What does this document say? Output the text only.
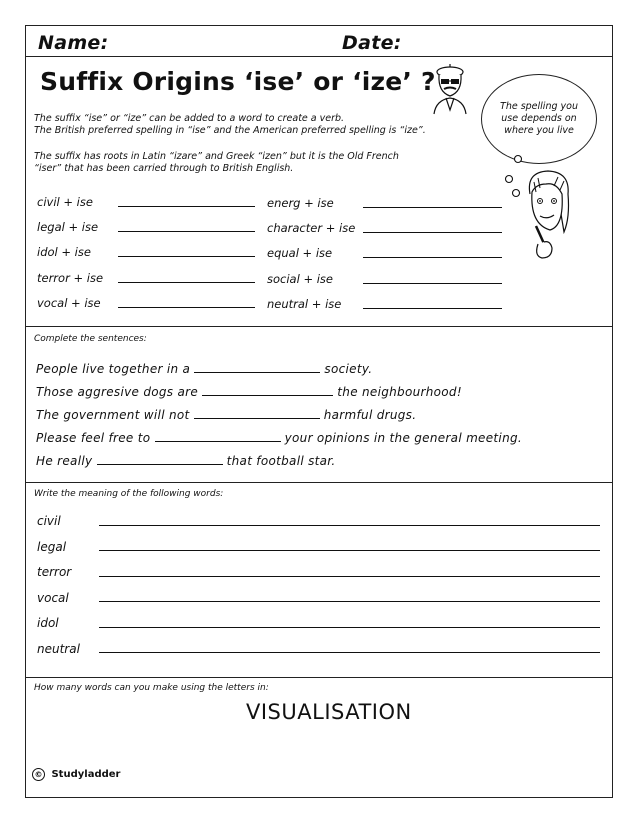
Name:	Date:
Suffix Origins ‘ise’ or ‘ize’ ?
The suffix “ise” or “ize” can be added to a word to create a verb.
The British preferred spelling in “ise” and the American preferred spelling is “ize”.
The suffix has roots in Latin “izare” and Greek “izen” but it is the Old French
“iser” that has been carried through to British English.
The spelling you
use depends on
where you live
civil + ise
legal + ise
idol + ise
terror + ise
vocal + ise
energ + ise
character + ise
equal + ise
social + ise
neutral + ise
Complete the sentences:
People live together in a	society.
Those aggresive dogs are	the neighbourhood!
The government will not	harmful drugs.
Please feel free to	your opinions in the general meeting.
He really	that football star.
Write the meaning of the following words:
civil
legal
terror
vocal
idol
neutral
How many words can you make using the letters in:
VISUALISATION
© Studyladder
